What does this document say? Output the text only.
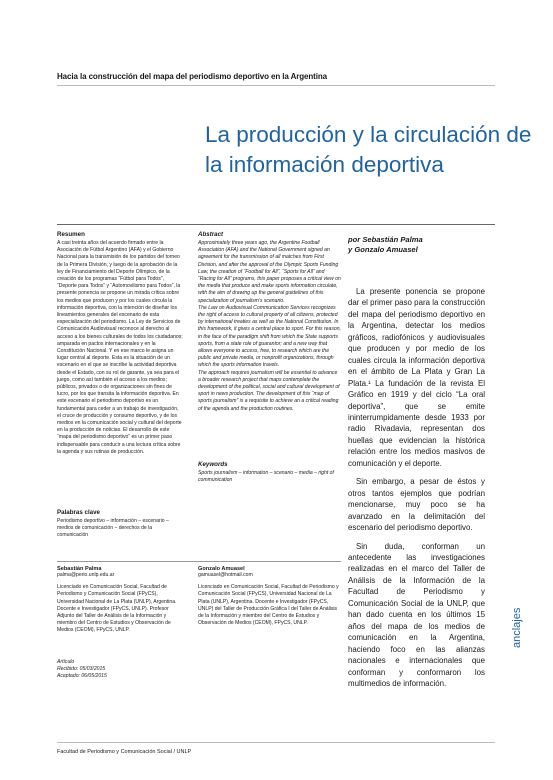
Hacia la construcción del mapa del periodismo deportivo en la Argentina
La producción y la circulación de la información deportiva
Resumen
A casi treinta años del acuerdo firmado entre la Asociación de Fútbol Argentino (AFA) y el Gobierno Nacional para la transmisión de los partidos del torneo de la Primera División, y luego de la aprobación de la ley de Financiamiento del Deporte Olímpico, de la creación de los programas “Fútbol para Todos”, “Deporte para Todos” y “Automovilismo para Todos”, la presente ponencia se propone un mirada crítica sobre los medios que producen y por los cuales circula la información deportiva, con la intención de diseñar los lineamientos generales del escenario de esta especialización del periodismo. La Ley de Servicios de Comunicación Audiovisual reconoce al derecho al acceso a los bienes culturales de todos los ciudadanos; amparada en pactos internacionales y en la Constitución Nacional. Y en ese marco le asigna un lugar central al deporte. Esta es la situación de un escenario en el que se inscribe la actividad deportiva desde el Estado, con su rol de garante, ya sea para el juego, como así también el acceso a los medios; públicos, privados o de organizaciones sin fines de lucro, por los que transita la información deportiva. En este escenario el periodismo deportivo es un fundamental para ceder a un trabajo de investigación, el cruce de producción y consumo deportivo, y de los medios en la comunicación social y cultural del deporte en la producción de noticias. El desarrollo de este “mapa del periodismo deportivo” es un primer paso indispensable para conducir a una lectura crítica sobre la agenda y sus rutinas de producción.
Abstract
Approximately three years ago, the Argentine Football Association (AFA) and the National Government signed an agreement for the transmission of all matches from First Division, and after the approval of the Olympic Sports Funding Law, the creation of “Football for All”, “Sports for All” and “Racing for All” programs, this paper proposes a critical view on the media that produce and make sports information circulate, with the aim of drawing up the general guidelines of this specialization of journalism’s scenario.
The Law on Audiovisual Communication Services recognizes the right of access to cultural property of all citizens, protected by international treaties as well as the National Constitution. In this framework, it gives a central place to sport. For this reason, in the face of the paradigm shift from which the State supports sports, from a state role of guarantor; and a new way that allows everyone to access, free, to research which are the public and private media, or nonprofit organizations, through which the sports information travels.
The approach requires journalism will be essential to advance a broader research project that maps contemplate the development of the political, social and cultural development of sport in news production. The development of this “map of sports journalism” is a requisite to achieve an a critical reading of the agenda and the production routines.
por Sebastián Palma
y Gonzalo Amuasel
Palabras clave
Periodismo deportivo – información – escenario – medios de comunicación – derechos de la comunicación
Keywords
Sports journalism – information – scenario – media – right of communication
Sebastián Palma
palma@perio.unlp.edu.ar
Licenciado en Comunicación Social, Facultad de Periodismo y Comunicación Social (FPyCS), Universidad Nacional de La Plata (UNLP), Argentina. Docente e Investigador (FPyCS, UNLP). Profesor Adjunto del Taller de Análisis de la Información y miembro del Centro de Estudios y Observación de Medios (CEOM), FPyCS, UNLP.
Gonzalo Amuasel
gamuasel@hotmail.com
Licenciado en Comunicación Social, Facultad de Periodismo y Comunicación Social (FPyCS), Universidad Nacional de La Plata (UNLP), Argentina. Docente e Investigador (FPyCS, UNLP) del Taller de Producción Gráfica I del Taller de Análisis de la Información y miembro del Centro de Estudios y Observación de Medios (CEOM), FPyCS, UNLP.
Artículo
Recibido: 05/03/2015
Aceptado: 06/05/2015

La presente ponencia se propone dar el primer paso para la construcción del mapa del periodismo deportivo en la Argentina, detectar los medios gráficos, radiofónicos y audiovisuales que producen y por medio de los cuales circula la información deportiva en el ámbito de La Plata y Gran La Plata.¹ La fundación de la revista El Gráfico en 1919 y del ciclo “La oral deportiva”, que se emite ininterrumpidamente desde 1933 por radio Rivadavia, representan dos huellas que evidencian la histórica relación entre los medios masivos de comunicación y el deporte.

Sin embargo, a pesar de éstos y otros tantos ejemplos que podrían mencionarse, muy poco se ha avanzado en la delimitación del escenario del periodismo deportivo.

Sin duda, conforman un antecedente las investigaciones realizadas en el marco del Taller de Análisis de la Información de la Facultad de Periodismo y Comunicación Social de la UNLP, que han dado cuenta en los últimos 15 años del mapa de los medios de comunicación en la Argentina, haciendo foco en las alianzas nacionales e internacionales que conforman y conformaron los multimedios de información.

anclajes
Facultad de Periodismo y Comunicación Social / UNLP
